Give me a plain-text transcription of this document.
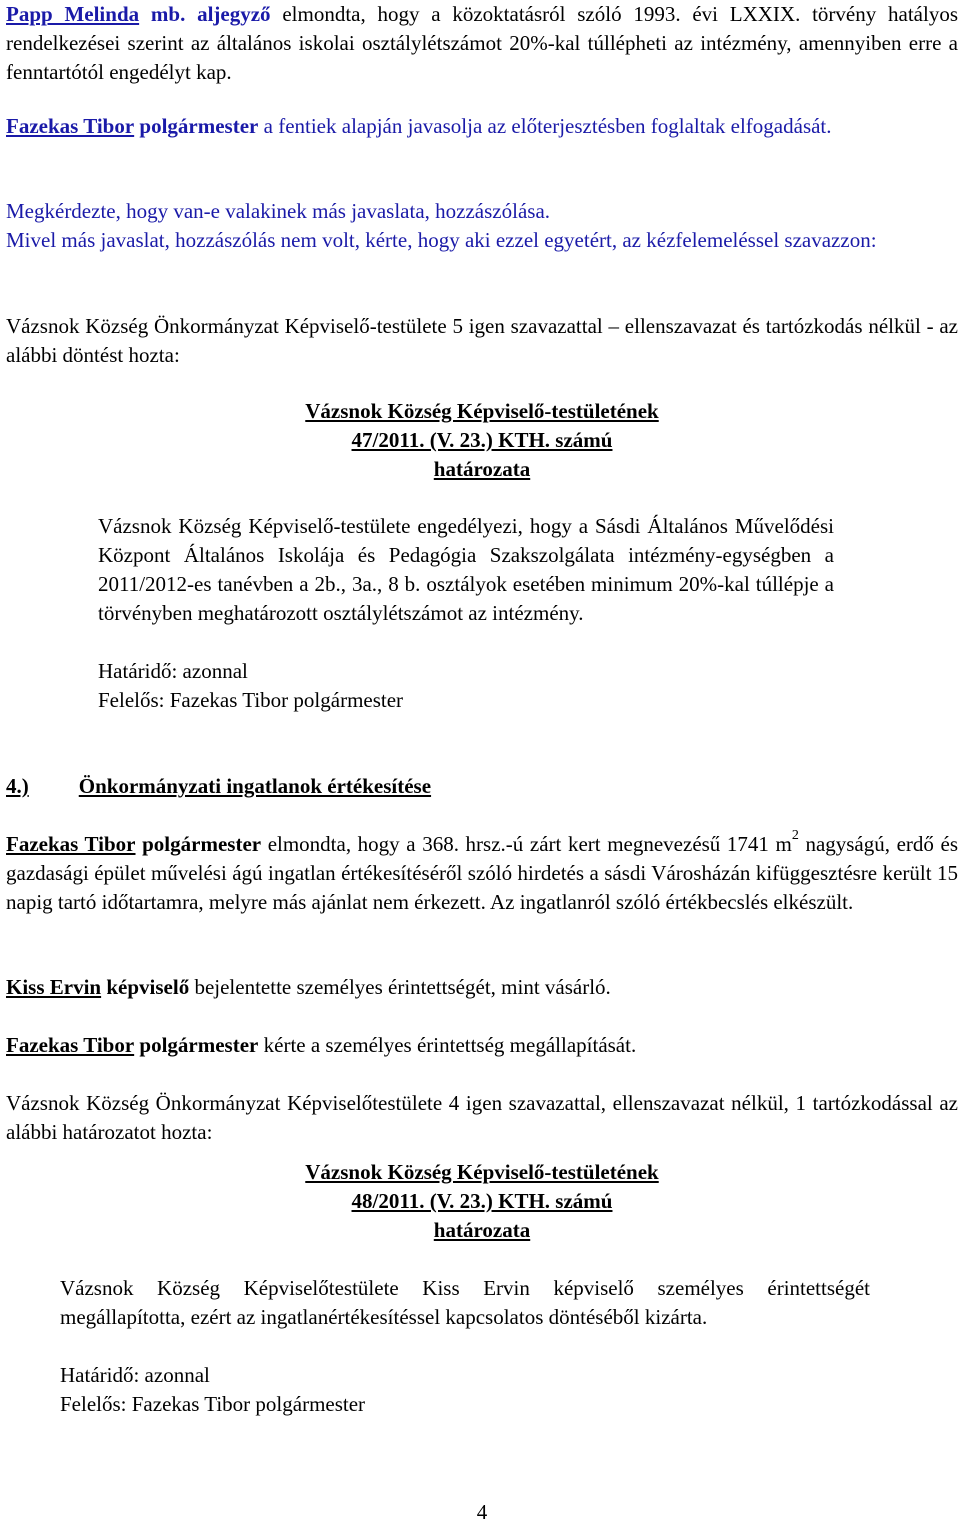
Papp Melinda mb. aljegyző elmondta, hogy a közoktatásról szóló 1993. évi LXXIX. törvény hatályos rendelkezései szerint az általános iskolai osztálylétszámot 20%-kal túllépheti az intézmény, amennyiben erre a fenntartótól engedélyt kap.

Fazekas Tibor polgármester a fentiek alapján javasolja az előterjesztésben foglaltak elfogadását.

Megkérdezte, hogy van-e valakinek más javaslata, hozzászólása.

Mivel más javaslat, hozzászólás nem volt, kérte, hogy aki ezzel egyetért, az kézfelemeléssel szavazzon:

Vázsnok Község Önkormányzat Képviselő-testülete 5 igen szavazattal – ellenszavazat és tartózkodás nélkül - az alábbi döntést hozta:

Vázsnok Község Képviselő-testületének
47/2011. (V. 23.) KTH. számú
határozata

Vázsnok Község Képviselő-testülete engedélyezi, hogy a Sásdi Általános Művelődési Központ Általános Iskolája és Pedagógia Szakszolgálata intézmény-egységben a 2011/2012-es tanévben a 2b., 3a., 8 b. osztályok esetében minimum 20%-kal túllépje a törvényben meghatározott osztálylétszámot az intézmény.

Határidő: azonnal
Felelős: Fazekas Tibor polgármester
4.) Önkormányzati ingatlanok értékesítése

Fazekas Tibor polgármester elmondta, hogy a 368. hrsz.-ú zárt kert megnevezésű 1741 $m^2$ nagyságú, erdő és gazdasági épület művelési ágú ingatlan értékesítéséről szóló hirdetés a sásdi Városházán kifüggesztésre került 15 napig tartó időtartamra, melyre más ajánlat nem érkezett. Az ingatlanról szóló értékbecslés elkészült.

Kiss Ervin képviselő bejelentette személyes érintettségét, mint vásárló.

Fazekas Tibor polgármester kérte a személyes érintettség megállapítását.

Vázsnok Község Önkormányzat Képviselőtestülete 4 igen szavazattal, ellenszavazat nélkül, 1 tartózkodással az alábbi határozatot hozta:

Vázsnok Község Képviselő-testületének
48/2011. (V. 23.) KTH. számú
határozata

Vázsnok Község Képviselőtestülete Kiss Ervin képviselő személyes érintettségét megállapította, ezért az ingatlanértékesítéssel kapcsolatos döntéséből kizárta.

Határidő: azonnal
Felelős: Fazekas Tibor polgármester
4
